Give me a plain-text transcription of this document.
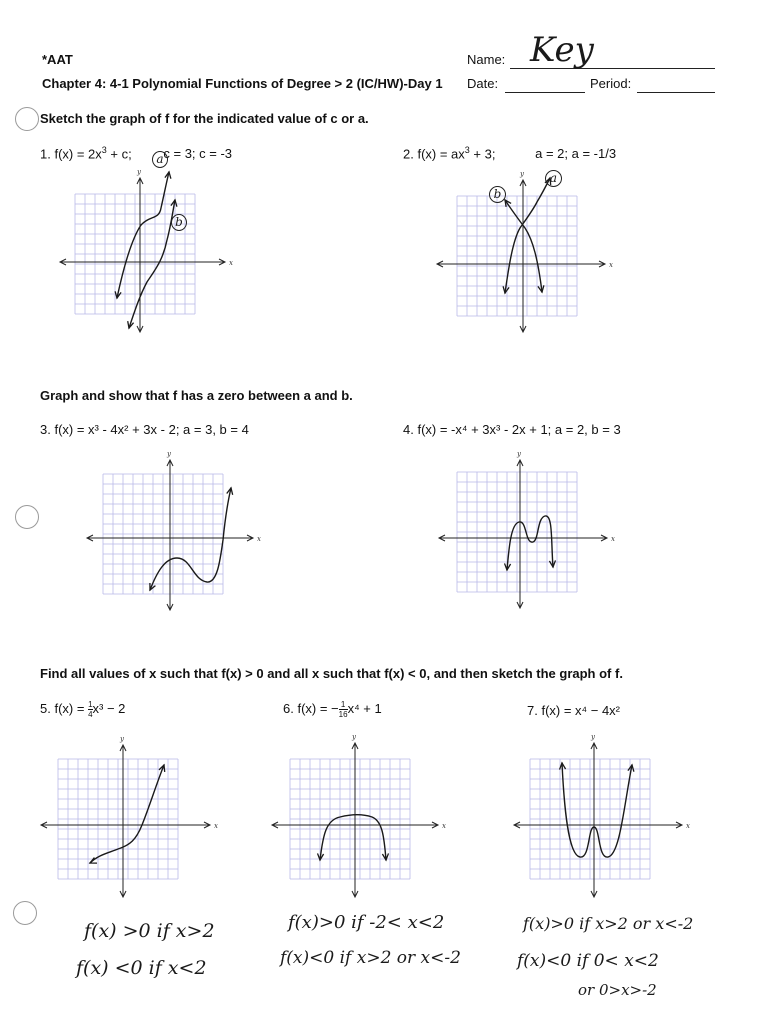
*AAT
Chapter 4: 4-1 Polynomial Functions of Degree > 2 (IC/HW)-Day 1
Name: Key
Date:	Period:
Sketch the graph of f for the indicated value of c or a.
1. $f(x) = 2x^3 + c$; c = 3; c = -3	2. $f(x) = ax^3 + 3$;	a = 2; a = -1/3
Graph and show that f has a zero between a and b.
3. f(x) = x³ - 4x² + 3x - 2; a = 3, b = 4	4. f(x) = -x⁴ + 3x³ - 2x + 1; a = 2, b = 3
Find all values of x such that f(x) > 0 and all x such that f(x) < 0, and then sketch the graph of f.
5. $f(x) = \frac{1}{4} x^3 - 2$	6. f(x) = − $\frac{1}{16} x^4 + 1$	7. f(x) = x⁴ − 4x²
x
y
x
y
x
y
x
y
x
y
x
y
x
y
a
b
b
a
f(x) >0 if x>2
f(x) <0 if x<2
f(x)>0 if -2< x<2
f(x)<0 if x>2 or x<-2
f(x)>0 if x>2 or x<-2
f(x)<0 if 0< x<2
or 0>x>-2
